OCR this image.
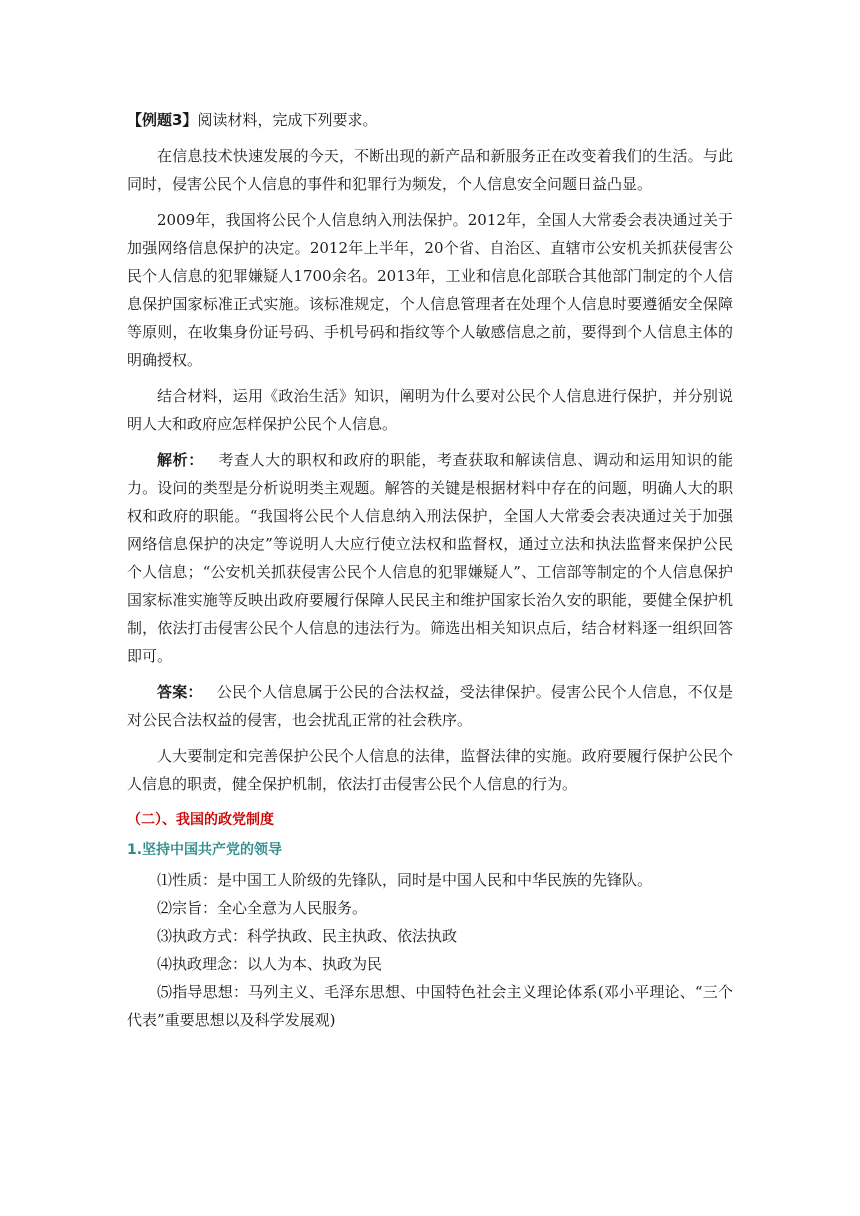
【例题3】阅读材料，完成下列要求。

在信息技术快速发展的今天，不断出现的新产品和新服务正在改变着我们的生活。与此同时，侵害公民个人信息的事件和犯罪行为频发，个人信息安全问题日益凸显。

2009年，我国将公民个人信息纳入刑法保护。2012年，全国人大常委会表决通过关于加强网络信息保护的决定。2012年上半年，20个省、自治区、直辖市公安机关抓获侵害公民个人信息的犯罪嫌疑人1700余名。2013年，工业和信息化部联合其他部门制定的个人信息保护国家标准正式实施。该标准规定，个人信息管理者在处理个人信息时要遵循安全保障等原则，在收集身份证号码、手机号码和指纹等个人敏感信息之前，要得到个人信息主体的明确授权。

结合材料，运用《政治生活》知识，阐明为什么要对公民个人信息进行保护，并分别说明人大和政府应怎样保护公民个人信息。

解析： 考查人大的职权和政府的职能，考查获取和解读信息、调动和运用知识的能力。设问的类型是分析说明类主观题。解答的关键是根据材料中存在的问题，明确人大的职权和政府的职能。“我国将公民个人信息纳入刑法保护，全国人大常委会表决通过关于加强网络信息保护的决定”等说明人大应行使立法权和监督权，通过立法和执法监督来保护公民个人信息；“公安机关抓获侵害公民个人信息的犯罪嫌疑人”、工信部等制定的个人信息保护国家标准实施等反映出政府要履行保障人民民主和维护国家长治久安的职能，要健全保护机制，依法打击侵害公民个人信息的违法行为。筛选出相关知识点后，结合材料逐一组织回答即可。

答案： 公民个人信息属于公民的合法权益，受法律保护。侵害公民个人信息，不仅是对公民合法权益的侵害，也会扰乱正常的社会秩序。

人大要制定和完善保护公民个人信息的法律，监督法律的实施。政府要履行保护公民个人信息的职责，健全保护机制，依法打击侵害公民个人信息的行为。

（二）、我国的政党制度

1.坚持中国共产党的领导

⑴性质：是中国工人阶级的先锋队，同时是中国人民和中华民族的先锋队。

⑵宗旨：全心全意为人民服务。

⑶执政方式：科学执政、民主执政、依法执政

⑷执政理念：以人为本、执政为民

⑸指导思想：马列主义、毛泽东思想、中国特色社会主义理论体系(邓小平理论、“三个代表”重要思想以及科学发展观)
